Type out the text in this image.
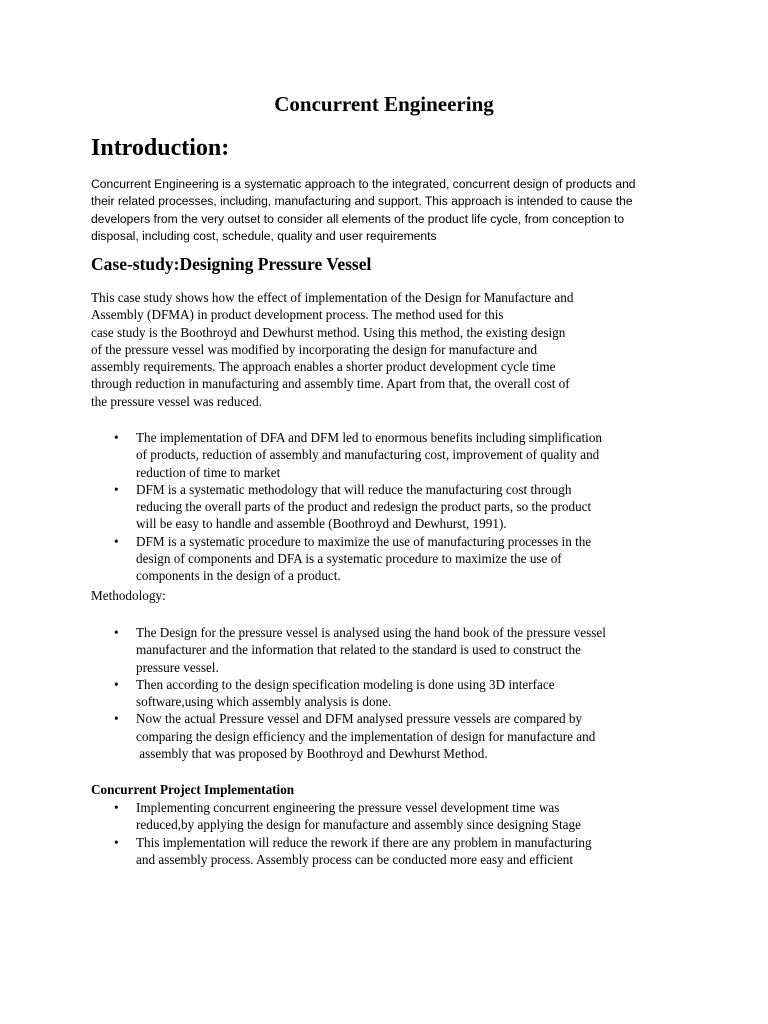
Concurrent Engineering
Introduction:

Concurrent Engineering is a systematic approach to the integrated, concurrent design of products and
their related processes, including, manufacturing and support. This approach is intended to cause the
developers from the very outset to consider all elements of the product life cycle, from conception to
disposal, including cost, schedule, quality and user requirements

Case-study:Designing Pressure Vessel

This case study shows how the effect of implementation of the Design for Manufacture and
Assembly (DFMA) in product development process. The method used for this
case study is the Boothroyd and Dewhurst method. Using this method, the existing design
of the pressure vessel was modified by incorporating the design for manufacture and
assembly requirements. The approach enables a shorter product development cycle time
through reduction in manufacturing and assembly time. Apart from that, the overall cost of
the pressure vessel was reduced.

• The implementation of DFA and DFM led to enormous benefits including simplification
of products, reduction of assembly and manufacturing cost, improvement of quality and
reduction of time to market
• DFM is a systematic methodology that will reduce the manufacturing cost through
reducing the overall parts of the product and redesign the product parts, so the product
will be easy to handle and assemble (Boothroyd and Dewhurst, 1991).
• DFM is a systematic procedure to maximize the use of manufacturing processes in the
design of components and DFA is a systematic procedure to maximize the use of
components in the design of a product.

Methodology:

• The Design for the pressure vessel is analysed using the hand book of the pressure vessel
manufacturer and the information that related to the standard is used to construct the
pressure vessel.
• Then according to the design specification modeling is done using 3D interface
software,using which assembly analysis is done.
• Now the actual Pressure vessel and DFM analysed pressure vessels are compared by
comparing the design efficiency and the implementation of design for manufacture and
assembly that was proposed by Boothroyd and Dewhurst Method.
Concurrent Project Implementation
• Implementing concurrent engineering the pressure vessel development time was
reduced,by applying the design for manufacture and assembly since designing Stage
• This implementation will reduce the rework if there are any problem in manufacturing
and assembly process. Assembly process can be conducted more easy and efficient
